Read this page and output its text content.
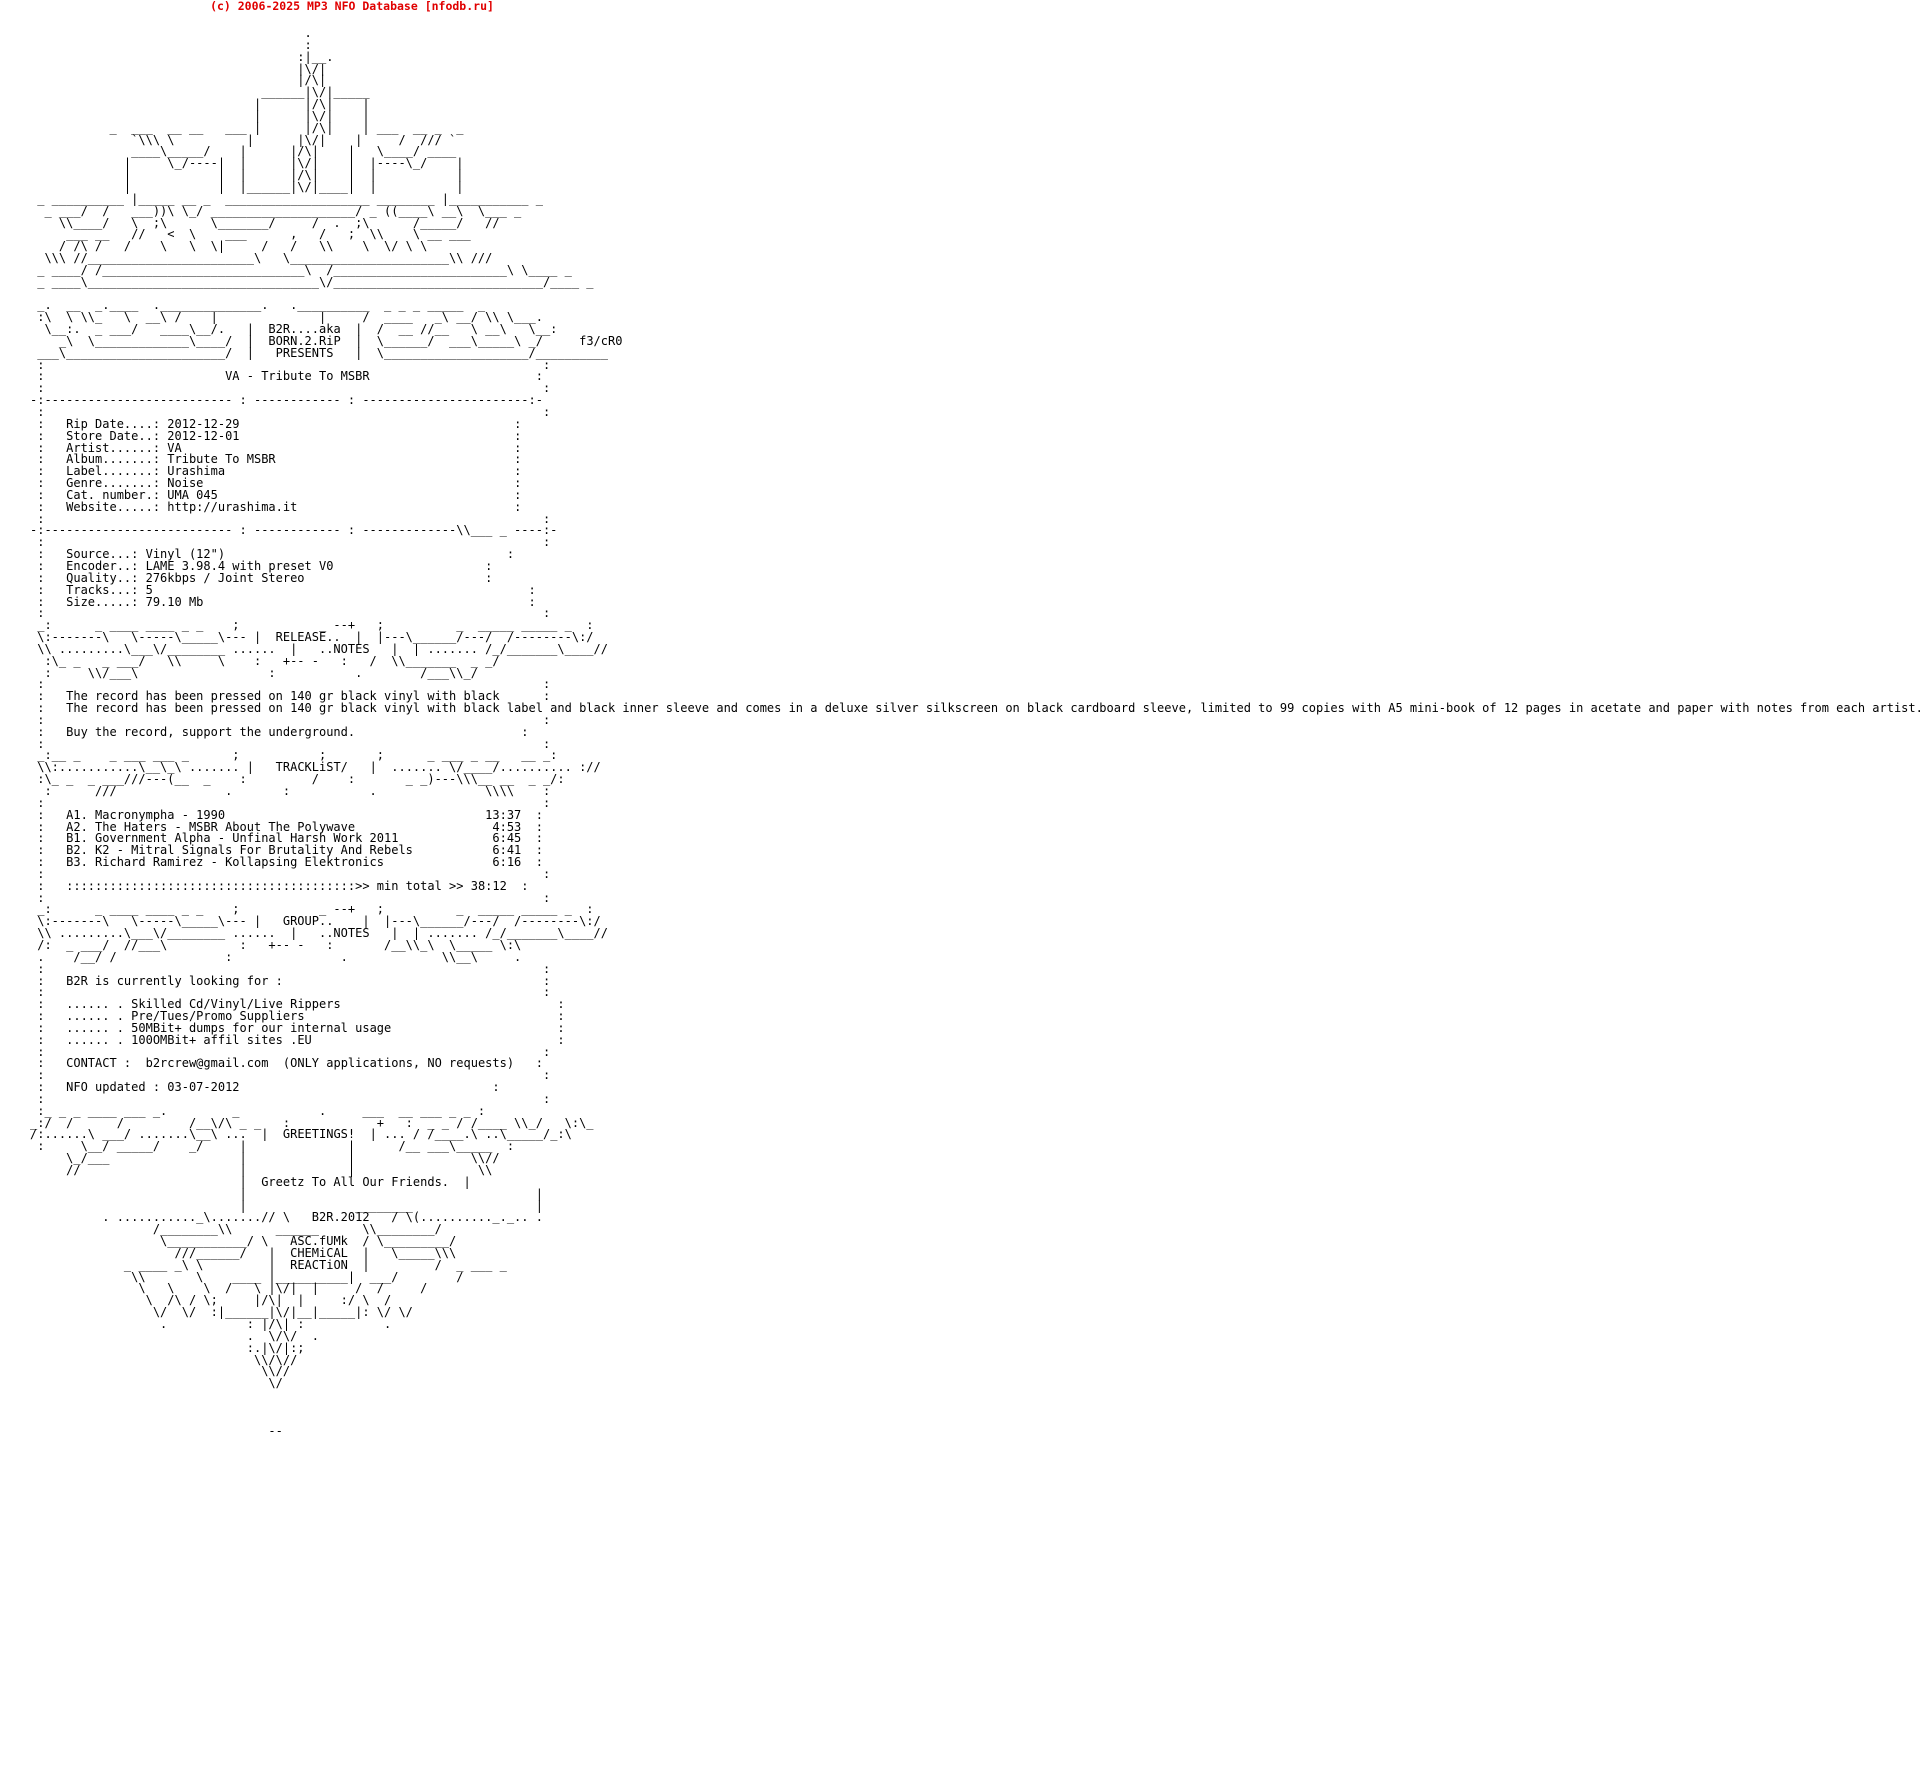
(c) 2006-2025 MP3 NFO Database [nfodb.ru]
.
:
:|__.
|\/|
|/\|
______|\/|_____
|      |/\|    |
|      |\/|    |
_  ___  __ __   ___ |      |/\|    | ___  __ _  _
`\\\ \          |      |\/|    |     /  /// `
____\_____/    |      |/\|    |   \____/ ____
|     \_/----|  |      |\/|    |  |----\_/    |
|            |  |      |/\|    |  |           |
|            |  |______|\/|____|  |           |
_ __________ |_____ __ _  ____________________ ________ |___________ _
_ ___/  /   ___))\ \_/ ____________________/ _ ((____\ __\  \___ _
\\____/   \  ;\      \_______/     /  .  ;\      /_____/   //
___ __   //   <  \    ___      ,   /   ;  \\    \ __ ___
/ /\ /   /    \   \  \|     /   /   \\    \  \/ \ \
\\\ //_______________________\   \______________________\\ ///
_ ____/ /____________________________\  /________________________\ \____ _
_ ____\________________________________\/_____________________________/____ _

_.  __  _.____  .______________.   .__________  _ _ _ _____  _
:\  \ \\_   \  __\ /    |              |     /  ____   _\ __/ \\ \___.
\__:.  _ ___/   ____\__/.   |  B2R....aka  |  /  __ //__   \ __\   \__:
_\  \_____________\____/  |  BORN.2.RiP  |  \______/  ___\_____\ _/     f3/cR0
___\______________________/  |   PRESENTS   |  \____________________/__________
:                                                                     :
:	VA - Tribute To MSBR	:
:                                                                     :
-:-------------------------- : ------------ : -----------------------:-
:                                                                     :
:   Rip Date....: 2012-12-29	:
:   Store Date..: 2012-12-01	:
:   Artist......: VA	:
:   Album.......: Tribute To MSBR	:
:   Label.......: Urashima	:
:   Genre.......: Noise	:
:   Cat. number.: UMA 045	:
:   Website.....: http://urashima.it	:
:                                                                     :
-:-------------------------- : ------------ : -------------\\___ _ ----:-
:                                                                     :
:   Source...: Vinyl (12")	:
:   Encoder..: LAME 3.98.4 with preset V0	:
:   Quality..: 276kbps / Joint Stereo	:
:   Tracks...: 5	:
:   Size.....: 79.10 Mb	:
:                                                                     :
_:      _ ____ ____ _ _    ;           _ --+   ;          _  _____ _____ _  :
\:-------\   \-----\_____\--- |  RELEASE..  |  |---\______/---/  /--------\:/
\\ .........\___\/________ ......  |   ..NOTES   |  | ....... /_/_______\____//
:\_ _   _ ___/   \\     \    :   +-- -   :   /  \\_______  _ _/
:     \\/___\                  :           .        /___\\_/
:                                                                     :
:   The record has been pressed on 140 gr black vinyl with black      :
:   The record has been pressed on 140 gr black vinyl with black label and black inner sleeve and comes in a deluxe silver silkscreen on black cardboard sleeve, limited to 99 copies with A5 mini-book of 12 pages in acetate and paper with notes from each artist.
:                                                                     :
:   Buy the record, support the underground.	:
:                                                                     :
_:__ _    _ ___ ___ _      ;           ;       ;      _ ___ _ __   __ _:
\\:...........\__\_\ ....... |   TRACKLiST/   |  ....... \/____/.......... ://
:\_ _  _ ___///---(__  _    :         /    :       _ _)---\\\__ __  _ _/:
:      ///               .       :           .               \\\\    :
:                                                                     :
:   A1. Macronympha - 1990                                    13:37  :
:   A2. The Haters - MSBR About The Polywave                   4:53  :
:   B1. Government Alpha - Unfinal Harsh Work 2011             6:45  :
:   B2. K2 - Mitral Signals For Brutality And Rebels           6:41  :
:   B3. Richard Ramirez - Kollapsing Elektronics               6:16  :
:                                                                     :
:   ::::::::::::::::::::::::::::::::::::::::>> min total >> 38:12  :
:                                                                     :
_:      _ ____ ____ _ _    ;           _ --+   ;          _  _____ _____ _  :
\:-------\   \-----\_____\--- |   GROUP..    |  |---\______/---/  /--------\:/
\\ .........\___\/________ ......  |   ..NOTES   |  | ....... /_/_______\____//
/:  _ ___/  //___\          :   +-- -   :       /__\\_\  \_____ \:\
.    /__/ /               :               .             \\__\     .
:                                                                     :
:   B2R is currently looking for :	:
:                                                                     :
:   ...... . Skilled Cd/Vinyl/Live Rippers	:
:   ...... . Pre/Tues/Promo Suppliers	:
:   ...... . 50MBit+ dumps for our internal usage	:
:   ...... . 100OMBit+ affil sites .EU	:
:                                                                     :
:   CONTACT : b2rcrew@gmail.com (ONLY applications, NO requests)   :
:                                                                     :
:   NFO updated : 03-07-2012	:
:                                                                     :
:_ _ _ ____ ___ _.         _           .     ___  __ ___ _ _ :
_:/  /      /         /__\/\ _ _   :            +   :  _ _ / /____ \\_/   \:\_
/:......\ ___/ .......\__\ ...  |  GREETINGS!  | ... / /____.\ ..\_____/_:\
:     \__/ _____/    _/     |              |      /__ ___\_____  :
\_/___                  |              |                \\//
//                      |              |                 \\
|  Greetz To All Our Friends.  |
|                                        |
|               ________                 |
. ..........._\.......// \   B2R.2012   / \(.........._._.. .
/________\\      ______      \\________/
\___________/ \   ASC.fUMk  / \_________/
///______/   |  CHEMiCAL  |   \_____\\\
_ ____ _\ \         |  REACTiON  |         /  _ ___ _
\\       \    ____ |__________|  ___/        /
\   \    \  /   \ |\/|  |     /  /     /
\  /\ / \;     |/\|  |     :/ \  /
\/  \/  :|______|\/|__|_____|: \/ \/
.           : |/\| :           .
.  \/\/  .
:.|\/|:;
\\/\//
\\//
\/

--
